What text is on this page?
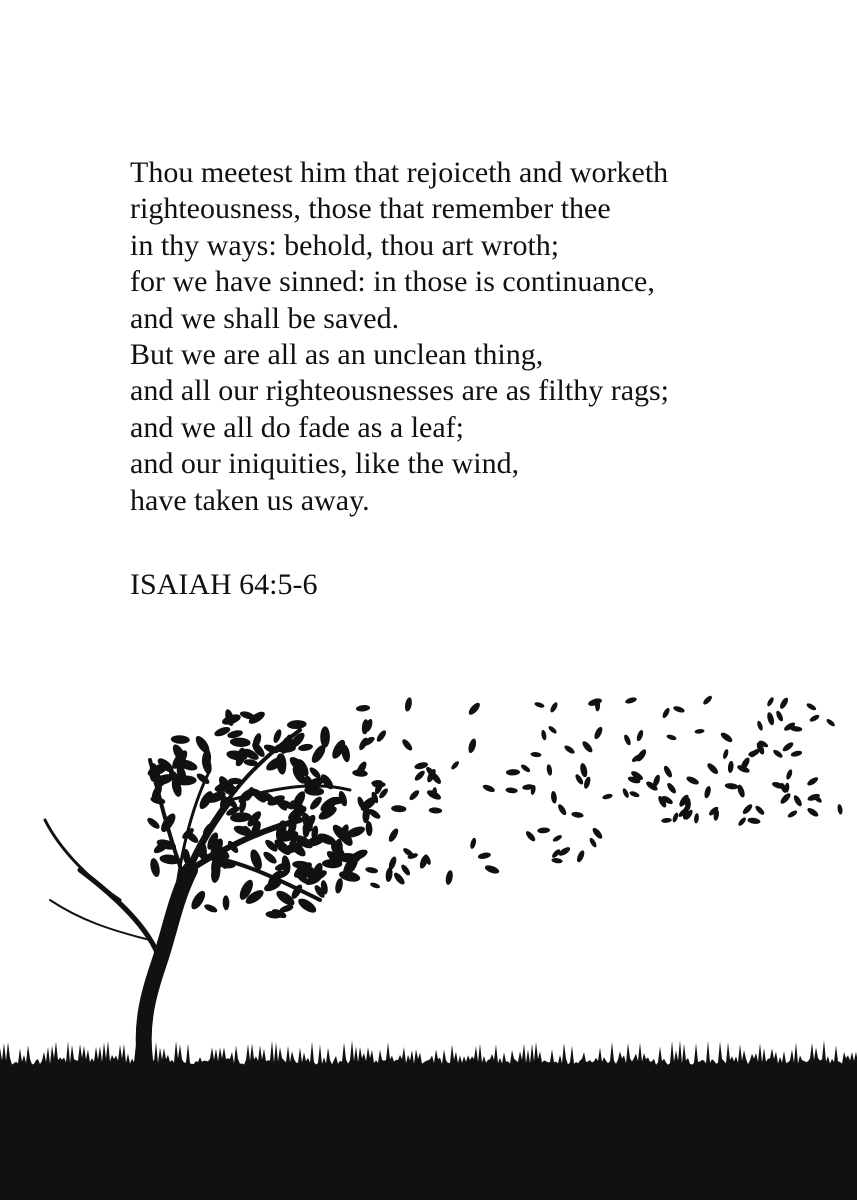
Thou meetest him that rejoiceth and worketh
righteousness, those that remember thee
in thy ways: behold, thou art wroth;
for we have sinned: in those is continuance,
and we shall be saved.
But we are all as an unclean thing,
and all our righteousnesses are as filthy rags;
and we all do fade as a leaf;
and our iniquities, like the wind,
have taken us away.
ISAIAH 64:5-6
